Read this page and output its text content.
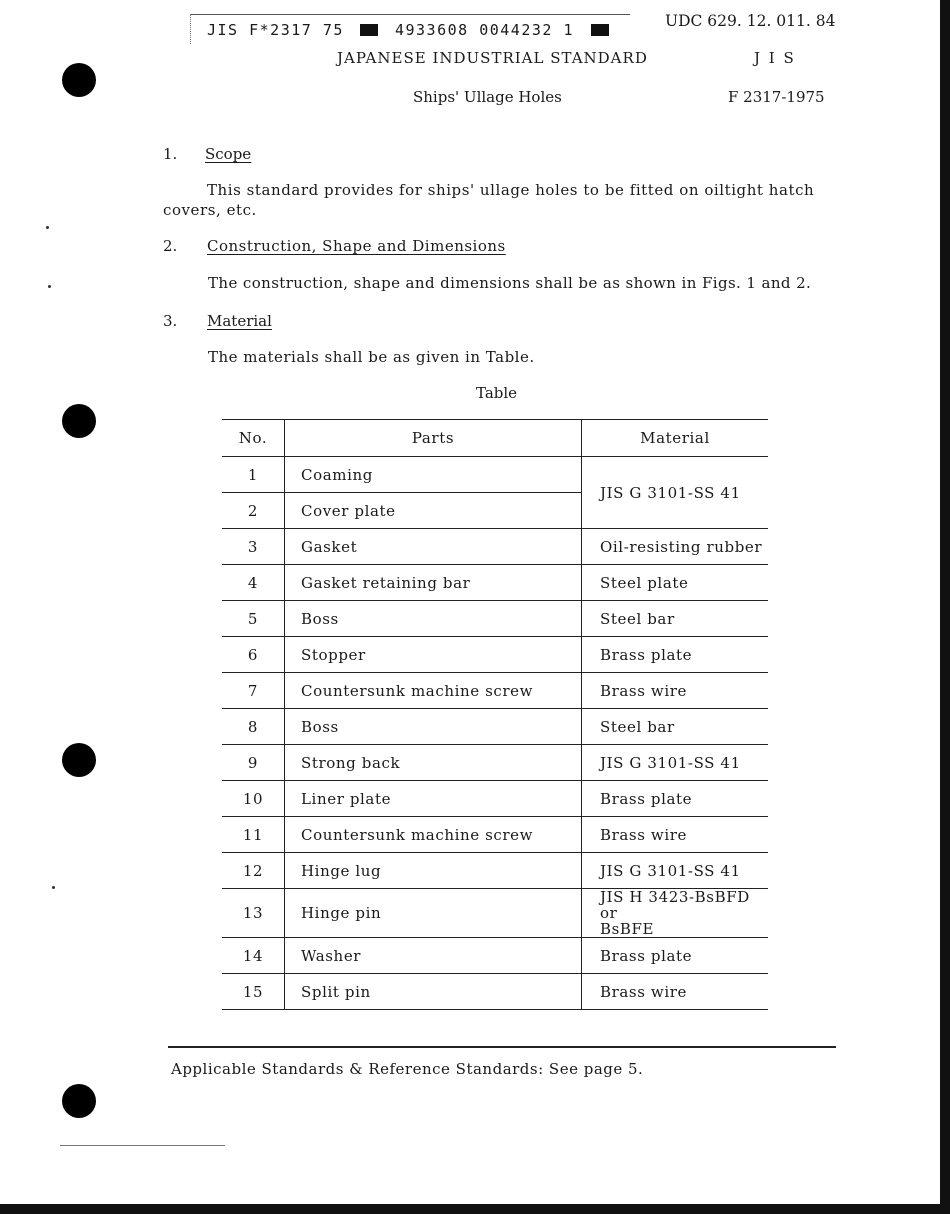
JIS F*2317 75	4933608 0044232 1	UDC 629. 12. 011. 84
JAPANESE INDUSTRIAL STANDARD	J I S
Ships' Ullage Holes	F 2317-1975
1. Scope
This standard provides for ships' ullage holes to be fitted on oiltight hatch
covers, etc.
2. Construction, Shape and Dimensions
The construction, shape and dimensions shall be as shown in Figs. 1 and 2.
3. Material
The materials shall be as given in Table.
Table
No.	Parts	Material
1	Coaming	JIS G 3101-SS 41
2	Cover plate	
3	Gasket	Oil-resisting rubber
4	Gasket retaining bar	Steel plate
5	Boss	Steel bar
6	Stopper	Brass plate
7	Countersunk machine screw	Brass wire
8	Boss	Steel bar
9	Strong back	JIS G 3101-SS 41
10	Liner plate	Brass plate
11	Countersunk machine screw	Brass wire
12	Hinge lug	JIS G 3101-SS 41
13	Hinge pin	JIS H 3423-BsBFD or
BsBFE
14	Washer	Brass plate
15	Split pin	Brass wire
Applicable Standards & Reference Standards: See page 5.
